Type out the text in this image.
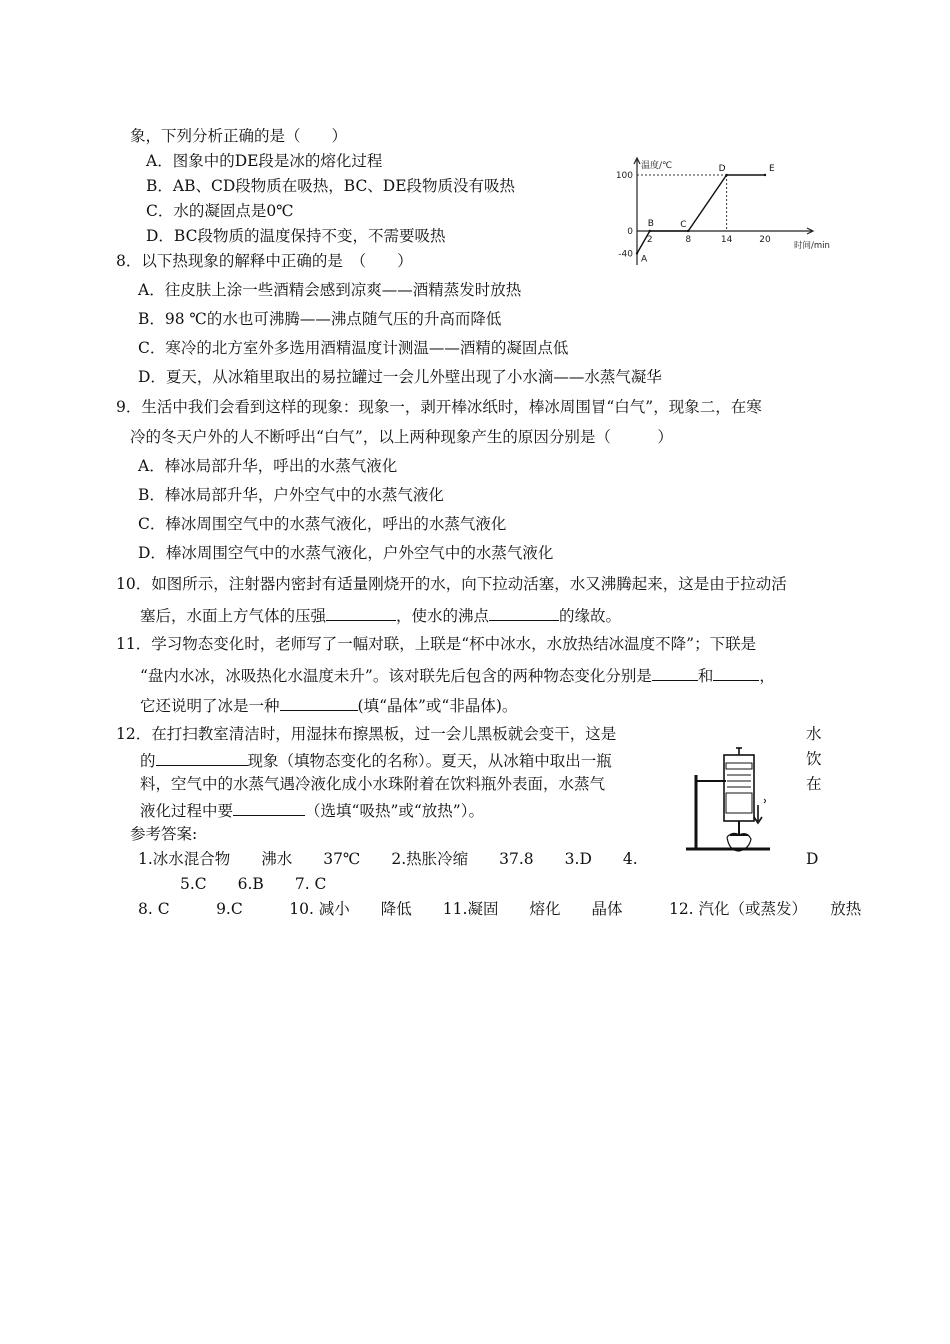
象，下列分析正确的是（　　）
A．图象中的DE段是冰的熔化过程
B．AB、CD段物质在吸热，BC、DE段物质没有吸热
C．水的凝固点是0℃
D．BC段物质的温度保持不变，不需要吸热
温度/℃
时间/min
100
0
-40
2	8	14	20
A
B	C
D	E
8．以下热现象的解释中正确的是　（　　）
A．往皮肤上涂一些酒精会感到凉爽——酒精蒸发时放热
B．98 ℃的水也可沸腾——沸点随气压的升高而降低
C．寒冷的北方室外多选用酒精温度计测温——酒精的凝固点低
D．夏天，从冰箱里取出的易拉罐过一会儿外壁出现了小水滴——水蒸气凝华
9．生活中我们会看到这样的现象：现象一，剥开棒冰纸时，棒冰周围冒“白气”，现象二，在寒
冷的冬天户外的人不断呼出“白气”，以上两种现象产生的原因分别是（　　　）
A．棒冰局部升华，呼出的水蒸气液化
B．棒冰局部升华，户外空气中的水蒸气液化
C．棒冰周围空气中的水蒸气液化，呼出的水蒸气液化
D．棒冰周围空气中的水蒸气液化，户外空气中的水蒸气液化
10．如图所示，注射器内密封有适量刚烧开的水，向下拉动活塞，水又沸腾起来，这是由于拉动活
塞后，水面上方气体的压强	，使水的沸点	的缘故。
11．学习物态变化时，老师写了一幅对联，上联是“杯中冰水，水放热结冰温度不降”；下联是
“盘内水冰，冰吸热化水温度未升”。该对联先后包含的两种物态变化分别是	和	，
它还说明了冰是一种	(填“晶体”或“非晶体)。
12．在打扫教室清洁时，用湿抹布擦黑板，过一会儿黑板就会变干，这是	水
的	现象（填物态变化的名称）。夏天，从冰箱中取出一瓶	饮
料，空气中的水蒸气遇冷液化成小水珠附着在饮料瓶外表面，水蒸气	在
液化过程中要	（选填“吸热”或“放热”）。
参考答案:
1.冰水混合物　　沸水　　37℃　　2.热胀冷缩　　37.8　　3.D　　4.	D
5.C　　6.B　　7. C
8. C　　　9.C　　　10. 减小　　降低　　11.凝固　　熔化　　晶体　　　12. 汽化（或蒸发）　　放热
